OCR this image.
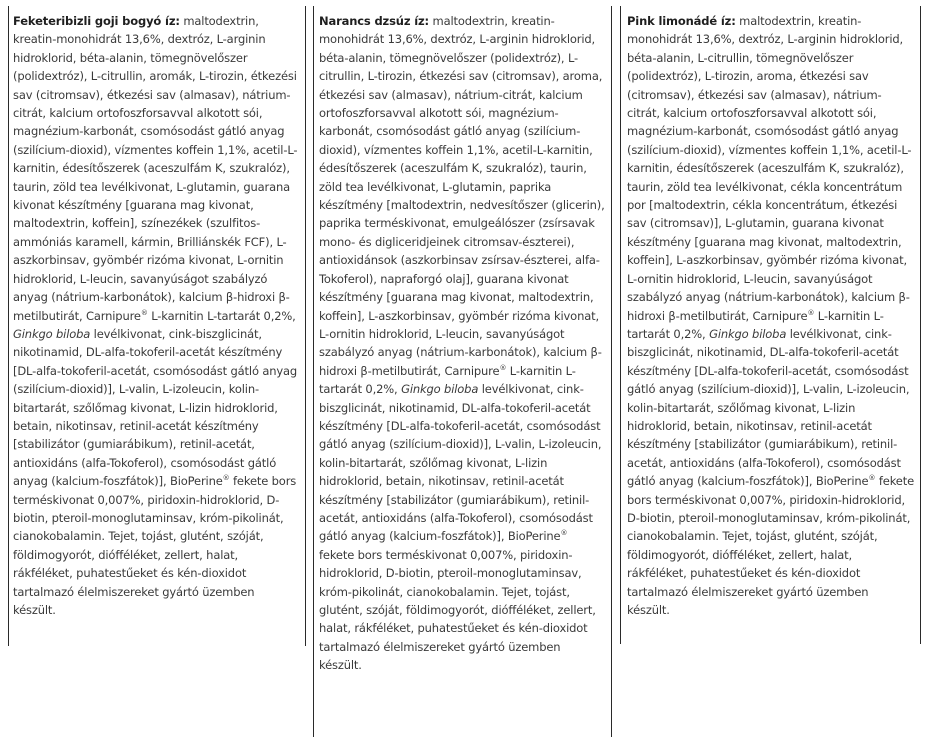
Feketeribizli goji bogyó íz: maltodextrin, kreatin-monohidrát 13,6%, dextróz, L-arginin hidroklorid, béta-alanin, tömegnövelőszer (polidextróz), L-citrullin, aromák, L-tirozin, étkezési sav (citromsav), étkezési sav (almasav), nátrium-citrát, kalcium ortofoszforsavval alkotott sói, magnézium-karbonát, csomósodást gátló anyag (szilícium-dioxid), vízmentes koffein 1,1%, acetil-L-karnitin, édesítőszerek (aceszulfám K, szukralóz), taurin, zöld tea levélkivonat, L-glutamin, guarana kivonat készítmény [guarana mag kivonat, maltodextrin, koffein], színezékek (szulfitos-ammóniás karamell, kármin, Brilliánskék FCF), L-aszkorbinsav, gyömbér rizóma kivonat, L-ornitin hidroklorid, L-leucin, savanyúságot szabályzó anyag (nátrium-karbonátok), kalcium β-hidroxi β-metilbutirát, Carnipure® L-karnitin L-tartarát 0,2%, Ginkgo biloba levélkivonat, cink-biszglicinát, nikotinamid, DL-alfa-tokoferil-acetát készítmény [DL-alfa-tokoferil-acetát, csomósodást gátló anyag (szilícium-dioxid)], L-valin, L-izoleucin, kolin-bitartarát, szőlőmag kivonat, L-lizin hidroklorid, betain, nikotinsav, retinil-acetát készítmény [stabilizátor (gumiarábikum), retinil-acetát, antioxidáns (alfa-Tokoferol), csomósodást gátló anyag (kalcium-foszfátok)], BioPerine® fekete bors terméskivonat 0,007%, piridoxin-hidroklorid, D-biotin, pteroil-monoglutaminsav, króm-pikolinát, cianokobalamin. Tejet, tojást, glutént, szóját, földimogyorót, diófféléket, zellert, halat, rákféléket, puhatestűeket és kén-dioxidot tartalmazó élelmiszereket gyártó üzemben készült.
Narancs dzsúz íz: maltodextrin, kreatin-monohidrát 13,6%, dextróz, L-arginin hidroklorid, béta-alanin, tömegnövelőszer (polidextróz), L-citrullin, L-tirozin, étkezési sav (citromsav), aroma, étkezési sav (almasav), nátrium-citrát, kalcium ortofoszforsavval alkotott sói, magnézium-karbonát, csomósodást gátló anyag (szilícium-dioxid), vízmentes koffein 1,1%, acetil-L-karnitin, édesítőszerek (aceszulfám K, szukralóz), taurin, zöld tea levélkivonat, L-glutamin, paprika készítmény [maltodextrin, nedvesítőszer (glicerin), paprika terméskivonat, emulgeálószer (zsírsavak mono- és digliceridjeinek citromsav-észterei), antioxidánsok (aszkorbinsav zsírsav-észterei, alfa-Tokoferol), napraforgó olaj], guarana kivonat készítmény [guarana mag kivonat, maltodextrin, koffein], L-aszkorbinsav, gyömbér rizóma kivonat, L-ornitin hidroklorid, L-leucin, savanyúságot szabályzó anyag (nátrium-karbonátok), kalcium β-hidroxi β-metilbutirát, Carnipure® L-karnitin L-tartarát 0,2%, Ginkgo biloba levélkivonat, cink-biszglicinát, nikotinamid, DL-alfa-tokoferil-acetát készítmény [DL-alfa-tokoferil-acetát, csomósodást gátló anyag (szilícium-dioxid)], L-valin, L-izoleucin, kolin-bitartarát, szőlőmag kivonat, L-lizin hidroklorid, betain, nikotinsav, retinil-acetát készítmény [stabilizátor (gumiarábikum), retinil-acetát, antioxidáns (alfa-Tokoferol), csomósodást gátló anyag (kalcium-foszfátok)], BioPerine® fekete bors terméskivonat 0,007%, piridoxin-hidroklorid, D-biotin, pteroil-monoglutaminsav, króm-pikolinát, cianokobalamin. Tejet, tojást, glutént, szóját, földimogyorót, diófféléket, zellert, halat, rákféléket, puhatestűeket és kén-dioxidot tartalmazó élelmiszereket gyártó üzemben készült.
Pink limonádé íz: maltodextrin, kreatin-monohidrát 13,6%, dextróz, L-arginin hidroklorid, béta-alanin, L-citrullin, tömegnövelőszer (polidextróz), L-tirozin, aroma, étkezési sav (citromsav), étkezési sav (almasav), nátrium-citrát, kalcium ortofoszforsavval alkotott sói, magnézium-karbonát, csomósodást gátló anyag (szilícium-dioxid), vízmentes koffein 1,1%, acetil-L-karnitin, édesítőszerek (aceszulfám K, szukralóz), taurin, zöld tea levélkivonat, cékla koncentrátum por [maltodextrin, cékla koncentrátum, étkezési sav (citromsav)], L-glutamin, guarana kivonat készítmény [guarana mag kivonat, maltodextrin, koffein], L-aszkorbinsav, gyömbér rizóma kivonat, L-ornitin hidroklorid, L-leucin, savanyúságot szabályzó anyag (nátrium-karbonátok), kalcium β-hidroxi β-metilbutirát, Carnipure® L-karnitin L-tartarát 0,2%, Ginkgo biloba levélkivonat, cink-biszglicinát, nikotinamid, DL-alfa-tokoferil-acetát készítmény [DL-alfa-tokoferil-acetát, csomósodást gátló anyag (szilícium-dioxid)], L-valin, L-izoleucin, kolin-bitartarát, szőlőmag kivonat, L-lizin hidroklorid, betain, nikotinsav, retinil-acetát készítmény [stabilizátor (gumiarábikum), retinil-acetát, antioxidáns (alfa-Tokoferol), csomósodást gátló anyag (kalcium-foszfátok)], BioPerine® fekete bors terméskivonat 0,007%, piridoxin-hidroklorid, D-biotin, pteroil-monoglutaminsav, króm-pikolinát, cianokobalamin. Tejet, tojást, glutént, szóját, földimogyorót, diófféléket, zellert, halat, rákféléket, puhatestűeket és kén-dioxidot tartalmazó élelmiszereket gyártó üzemben készült.
